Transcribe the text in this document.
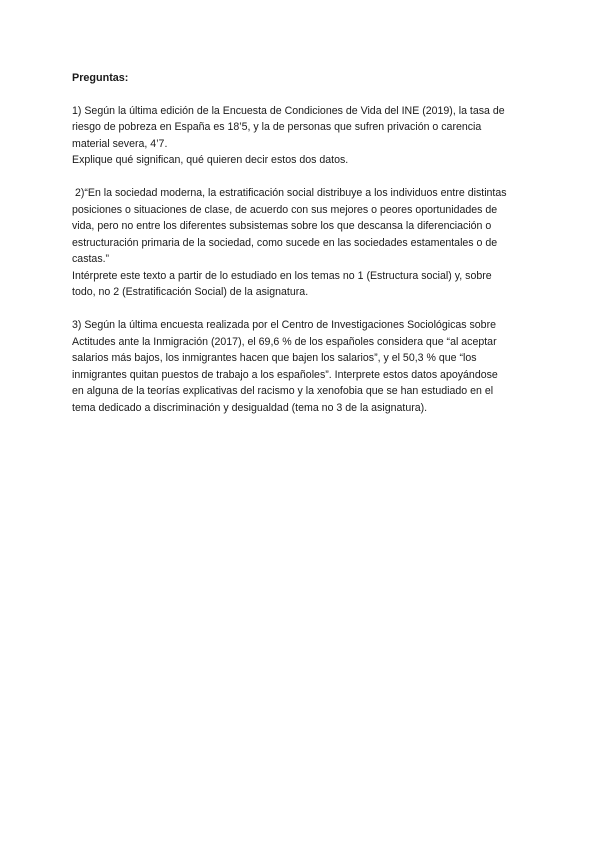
Preguntas:
1) Según la última edición de la Encuesta de Condiciones de Vida del INE (2019), la tasa de
riesgo de pobreza en España es 18’5, y la de personas que sufren privación o carencia
material severa, 4’7.
Explique qué significan, qué quieren decir estos dos datos.
2)“En la sociedad moderna, la estratificación social distribuye a los individuos entre distintas
posiciones o situaciones de clase, de acuerdo con sus mejores o peores oportunidades de
vida, pero no entre los diferentes subsistemas sobre los que descansa la diferenciación o
estructuración primaria de la sociedad, como sucede en las sociedades estamentales o de
castas.”
Intérprete este texto a partir de lo estudiado en los temas no 1 (Estructura social) y, sobre
todo, no 2 (Estratificación Social) de la asignatura.
3) Según la última encuesta realizada por el Centro de Investigaciones Sociológicas sobre
Actitudes ante la Inmigración (2017), el 69,6 % de los españoles considera que “al aceptar
salarios más bajos, los inmigrantes hacen que bajen los salarios”, y el 50,3 % que “los
inmigrantes quitan puestos de trabajo a los españoles”. Interprete estos datos apoyándose
en alguna de la teorías explicativas del racismo y la xenofobia que se han estudiado en el
tema dedicado a discriminación y desigualdad (tema no 3 de la asignatura).
